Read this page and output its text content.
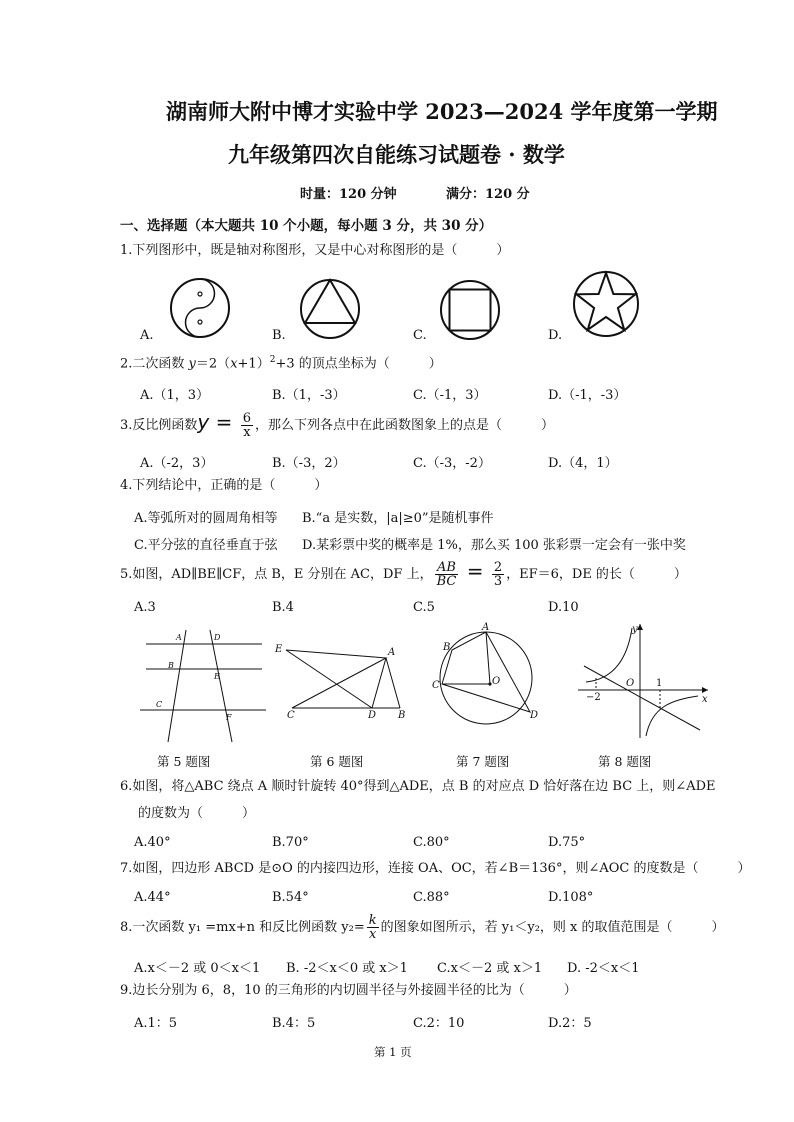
湖南师大附中博才实验中学 2023—2024 学年度第一学期
九年级第四次自能练习试题卷 · 数学
时量：120 分钟	满分：120 分
一、选择题（本大题共 10 个小题，每小题 3 分，共 30 分）
1.下列图形中，既是轴对称图形，又是中心对称图形的是（　　　）
A.	B.	C.	D.
2.二次函数 $y=2(x+1)^2+3$ 的顶点坐标为（　　　）
A.（1，3）	B.（1，-3）	C.（-1，3）	D.（-1，-3）
3.反比例函数$y = \frac{6}{x}$ ，那么下列各点中在此函数图象上的点是（　　　）
A.（-2，3）	B.（-3，2）	C.（-3，-2）	D.（4，1）
4.下列结论中，正确的是（　　　）
A.等弧所对的圆周角相等 B.“a 是实数，|a|≥0”是随机事件
C.平分弦的直径垂直于弦 D.某彩票中奖的概率是 1%，那么买 100 张彩票一定会有一张中奖
5.如图，AD∥BE∥CF，点 B，E 分别在 AC，DF 上， $\frac{AB}{BC} = \frac{2}{3}$ ，EF＝6，DE 的长（　　　）
A.3	B.4	C.5	D.10
A	D
B
E
C
F
E	A
C	D B
A
B
C	O
D
y
O 1
−2	x
第 5 题图	第 6 题图	第 7 题图	第 8 题图
6.如图，将△ABC 绕点 A 顺时针旋转 40°得到△ADE，点 B 的对应点 D 恰好落在边 BC 上，则∠ADE
的度数为（　　　）
A.40°	B.70°	C.80°	D.75°
7.如图，四边形 ABCD 是⊙O 的内接四边形，连接 OA、OC，若∠B＝136°，则∠AOC 的度数是（　　　）
A.44°	B.54°	C.88°	D.108°
8.一次函数 y₁ =mx+n 和反比例函数 $y_2= \frac{k}{x}$ 的图象如图所示，若 y₁＜y₂，则 x 的取值范围是（　　　）
A.x＜－2 或 0＜x＜1 B. -2＜x＜0 或 x＞1 C.x＜－2 或 x＞1 D. -2＜x＜1
9.边长分别为 6，8，10 的三角形的内切圆半径与外接圆半径的比为（　　　）
A.1：5	B.4：5	C.2：10	D.2：5
第 1 页
